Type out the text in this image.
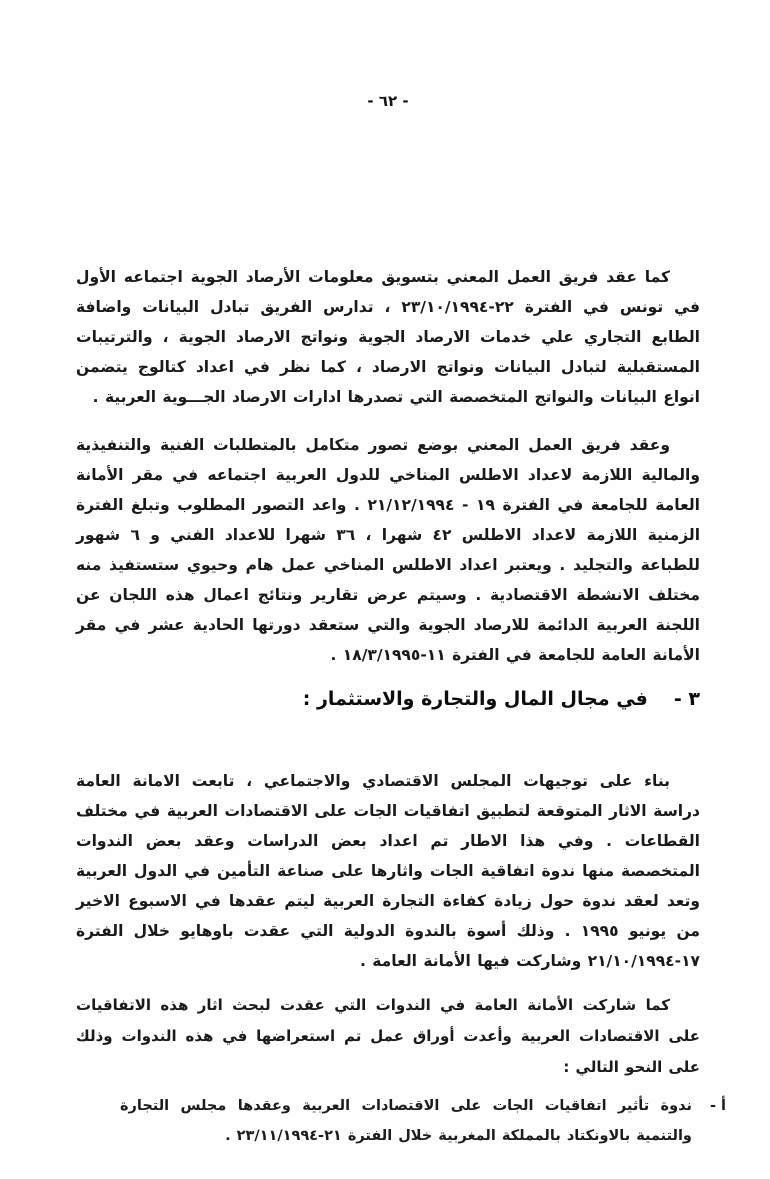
- ٦٢ -

كما عقد فريق العمل المعني بتسويق معلومات الأرصاد الجوية اجتماعه الأول في تونس في الفترة ٢٢-٢٣/١٠/١٩٩٤ ، تدارس الفريق تبادل البيانات واضافة الطابع التجاري علي خدمات الارصاد الجوية ونواتج الارصاد الجوية ، والترتيبات المستقبلية لتبادل البيانات ونواتج الارصاد ، كما نظر في اعداد كتالوج يتضمن انواع البيانات والنواتج المتخصصة التي تصدرها ادارات الارصاد الجـــوية العربية .

وعقد فريق العمل المعني بوضع تصور متكامل بالمتطلبات الفنية والتنفيذية والمالية اللازمة لاعداد الاطلس المناخي للدول العربية اجتماعه في مقر الأمانة العامة للجامعة في الفترة ١٩ - ٢١/١٢/١٩٩٤ . واعد التصور المطلوب وتبلغ الفترة الزمنية اللازمة لاعداد الاطلس ٤٢ شهرا ، ٣٦ شهرا للاعداد الفني و ٦ شهور للطباعة والتجليد . ويعتبر اعداد الاطلس المناخي عمل هام وحيوي ستستفيذ منه مختلف الانشطة الاقتصادية . وسيتم عرض تقارير ونتائج اعمال هذه اللجان عن اللجنة العربية الدائمة للارصاد الجوية والتي ستعقد دورتها الحادية عشر في مقر الأمانة العامة للجامعة في الفترة ١١-١٨/٣/١٩٩٥ .

٣ -في مجال المال والتجارة والاستثمار :

بناء على توجيهات المجلس الاقتصادي والاجتماعي ، تابعت الامانة العامة دراسة الاثار المتوقعة لتطبيق اتفاقيات الجات على الاقتصادات العربية في مختلف القطاعات . وفي هذا الاطار تم اعداد بعض الدراسات وعقد بعض الندوات المتخصصة منها ندوة اتفاقية الجات واثارها على صناعة التأمين في الدول العربية وتعد لعقد ندوة حول زيادة كفاءة التجارة العربية ليتم عقدها في الاسبوع الاخير من يونيو ١٩٩٥ . وذلك أسوة بالندوة الدولية التي عقدت باوهايو خلال الفترة ١٧-٢١/١٠/١٩٩٤ وشاركت فيها الأمانة العامة .

كما شاركت الأمانة العامة في الندوات التي عقدت لبحث اثار هذه الاتفاقيات على الاقتصادات العربية وأعدت أوراق عمل تم استعراضها في هذه الندوات وذلك على النحو التالي :

أ -
ندوة تأثير اتفاقيات الجات على الاقتصادات العربية وعقدها مجلس التجارة والتنمية بالاونكتاد بالمملكة المغربية خلال الفترة ٢١-٢٣/١١/١٩٩٤ .
